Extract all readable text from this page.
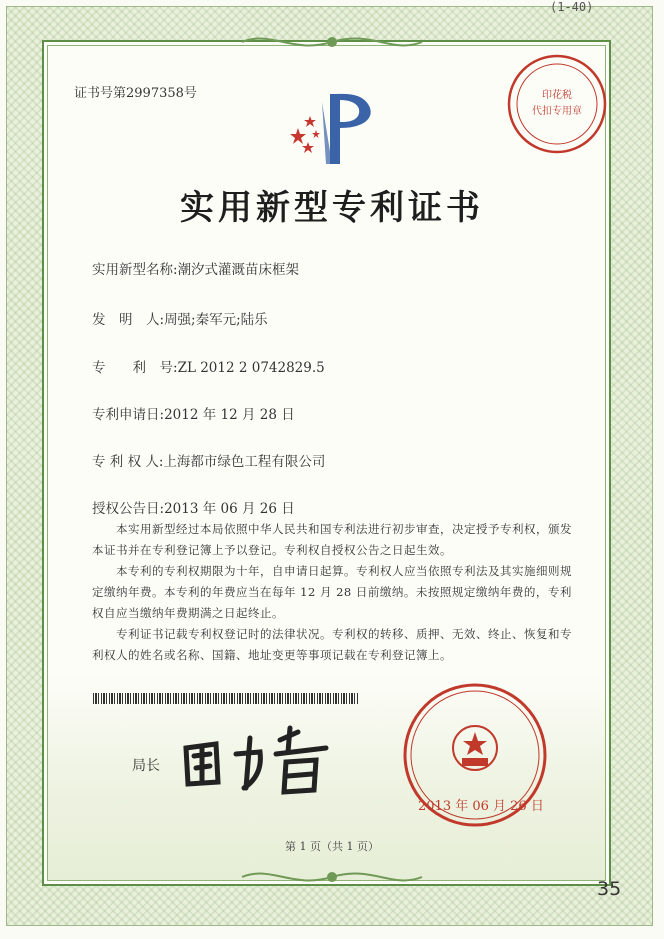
(1-40)
印花税
代扣专用章
证书号第2997358号
实用新型专利证书
实用新型名称:潮汐式灌溉苗床框架
发　明　人:周强;秦军元;陆乐
专　　利　号:ZL 2012 2 0742829.5
专利申请日:2012 年 12 月 28 日
专 利 权 人:上海都市绿色工程有限公司
授权公告日:2013 年 06 月 26 日
　　本实用新型经过本局依照中华人民共和国专利法进行初步审查，决定授予专利权，颁发本证书并在专利登记簿上予以登记。专利权自授权公告之日起生效。
　　本专利的专利权期限为十年，自申请日起算。专利权人应当依照专利法及其实施细则规定缴纳年费。本专利的年费应当在每年 12 月 28 日前缴纳。未按照规定缴纳年费的，专利权自应当缴纳年费期满之日起终止。
　　专利证书记载专利权登记时的法律状况。专利权的转移、质押、无效、终止、恢复和专利权人的姓名或名称、国籍、地址变更等事项记载在专利登记簿上。
局长
2013 年 06 月 26 日
第 1 页（共 1 页）
35
